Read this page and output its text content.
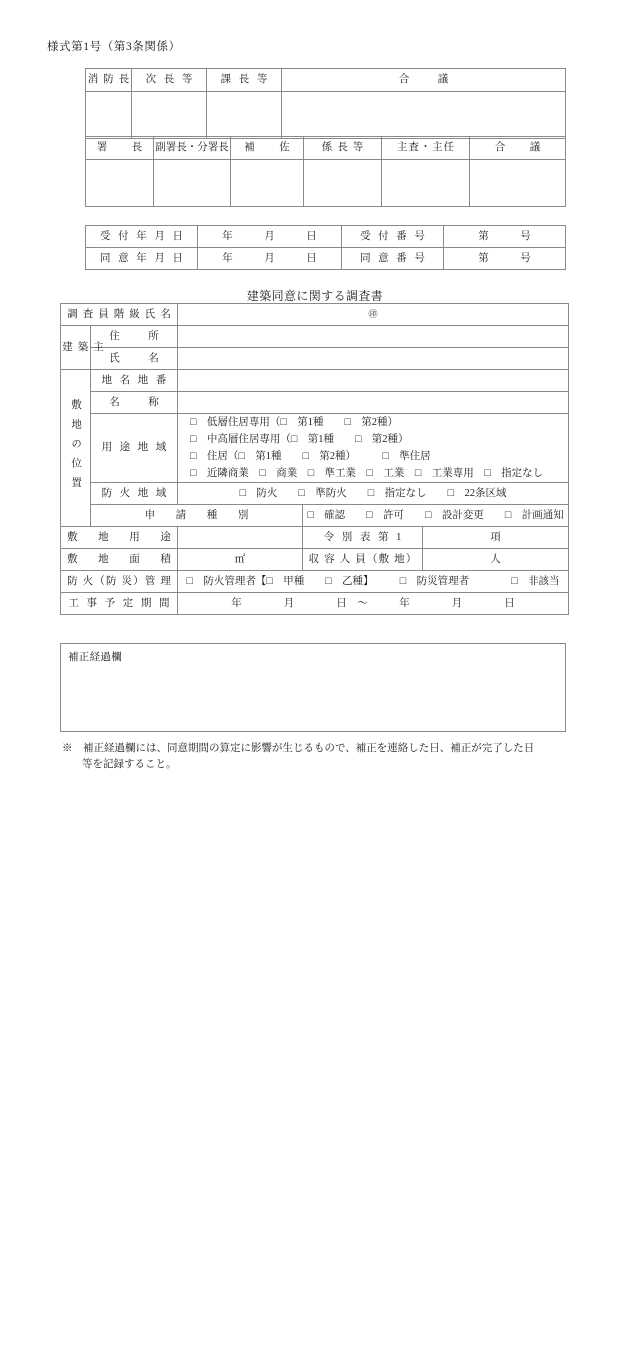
様式第1号（第3条関係）
消 防 長	次 長 等	課 長 等	合　　議

署　　長	副署長・分署長	補　　佐	係 長 等	主査・主任	合　　議

受 付 年 月 日	年　　　月　　　日	受 付 番 号	第　　　号
同 意 年 月 日	年　　　月　　　日	同 意 番 号	第　　　号
建築同意に関する調査書
調 査 員 階 級 氏 名		㊞		
建 築 主	住　　所			
	氏　　名			

敷地の位置	地 名 地 番			
	名　　称			
	用 途 地 域	□　低層住居専用（□　第1種　　□　第2種）
□　中高層住居専用（□　第1種　　□　第2種）
□　住居（□　第1種　　□　第2種）　　　□　準住居
□　近隣商業　□　商業　□　準工業　□　工業　□　工業専用　□　指定なし		

	防 火 地 域	□　防火　　□　準防火　　□　指定なし　　□　22条区域		
	申 　請 　種 　別		□　確認　　□　許可　　□　設計変更　　□　計画通知	
敷 　地 　用 　途			令 別 表 第 1	項
敷 　地 　面 　積		㎡	収 容 人 員（敷 地）	人
防 火（防 災）管 理		□　防火管理者【□　甲種　　□　乙種】　　　□　防災管理者　　　　□　非該当		
工 事 予 定 期 間		年　　　　月　　　　日　～　　　年　　　　月　　　　日		
補正経過欄
※　補正経過欄には、同意期間の算定に影響が生じるもので、補正を連絡した日、補正が完了した日
等を記録すること。
